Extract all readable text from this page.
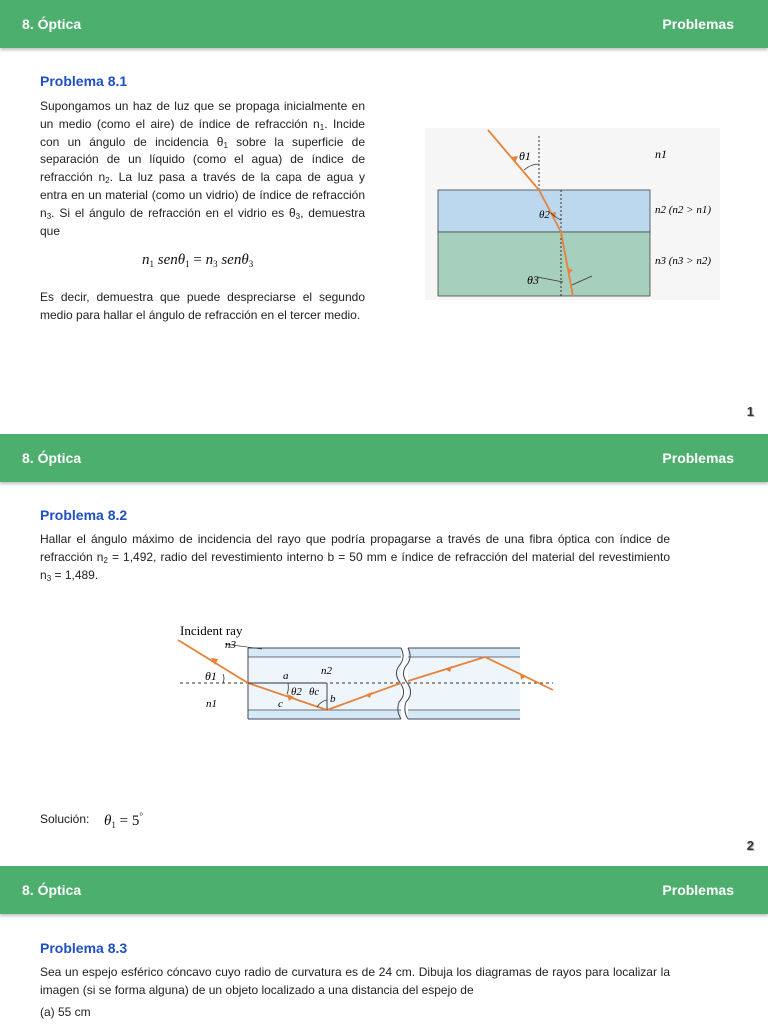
8. Óptica	Problemas
Problema 8.1

Supongamos un haz de luz que se propaga inicialmente en un medio (como el aire) de índice de refracción $n_1$. Incide con un ángulo de incidencia $\theta_1$ sobre la superficie de separación de un líquido (como el agua) de índice de refracción $n_2$. La luz pasa a través de la capa de agua y entra en un material (como un vidrio) de índice de refracción $n_3$. Si el ángulo de refracción en el vidrio es $\theta_3$, demuestra que

$n_1$ $sen\theta_1 = n_3$ senθ$_3$

Es decir, demuestra que puede despreciarse el segundo medio para hallar el ángulo de refracción en el tercer medio.

θ1
θ2
θ3
n1
n2 (n2 > n1)
n3 (n3 > n2)
1
8. Óptica	Problemas
Problema 8.2

Hallar el ángulo máximo de incidencia del rayo que podría propagarse a través de una fibra óptica con índice de refracción $n_2 = 1,492$, radio del revestimiento interno b = 50 mm e índice de refracción del material del revestimiento $n_3 = 1,489$.

Incident ray
n3
θ1
n1
n2
a
c	b
θ2 θc
Solución: $\theta_1 = 5^\circ$
2
8. Óptica	Problemas
Problema 8.3

Sea un espejo esférico cóncavo cuyo radio de curvatura es de 24 cm. Dibuja los diagramas de rayos para localizar la imagen (si se forma alguna) de un objeto localizado a una distancia del espejo de

(a) 55 cm
